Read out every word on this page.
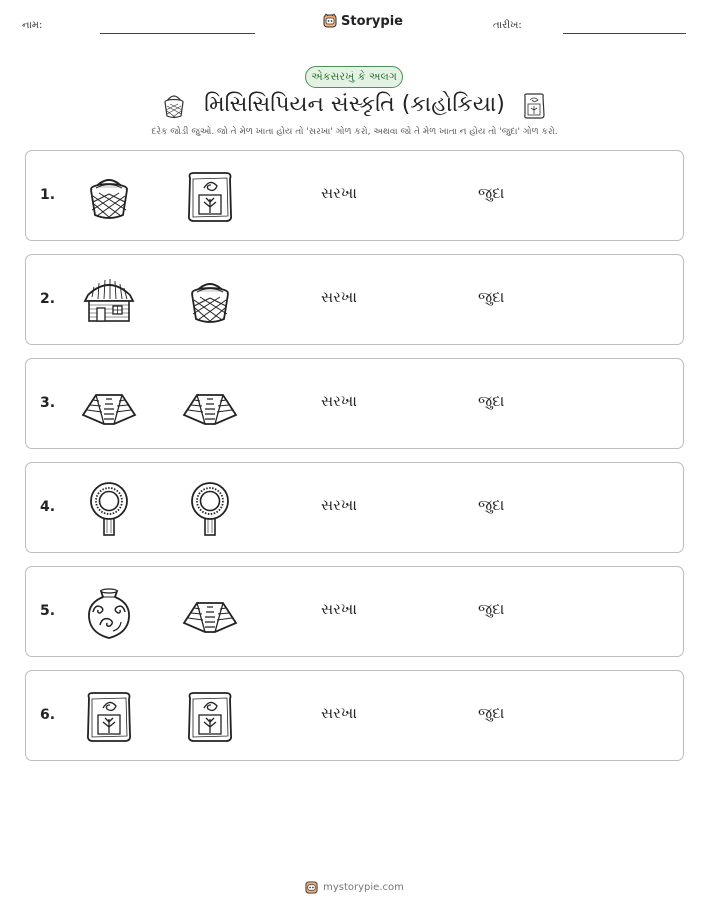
નામ:	Storypie	તારીખ:
એકસરખું કે અલગ
મિસિસિપિયન સંસ્કૃતિ (કાહોકિયા)
દરેક જોડી જુઓ. જો તે મેળ ખાતા હોય તો 'સરખા' ગોળ કરો, અથવા જો તે મેળ ખાતા ન હોય તો 'જુદા' ગોળ કરો.
1.	સરખા	જુદા
2.	સરખા	જુદા
3.	સરખા	જુદા
4.	સરખા	જુદા
5.	સરખા	જુદા
6.	સરખા	જુદા
mystorypie.com
